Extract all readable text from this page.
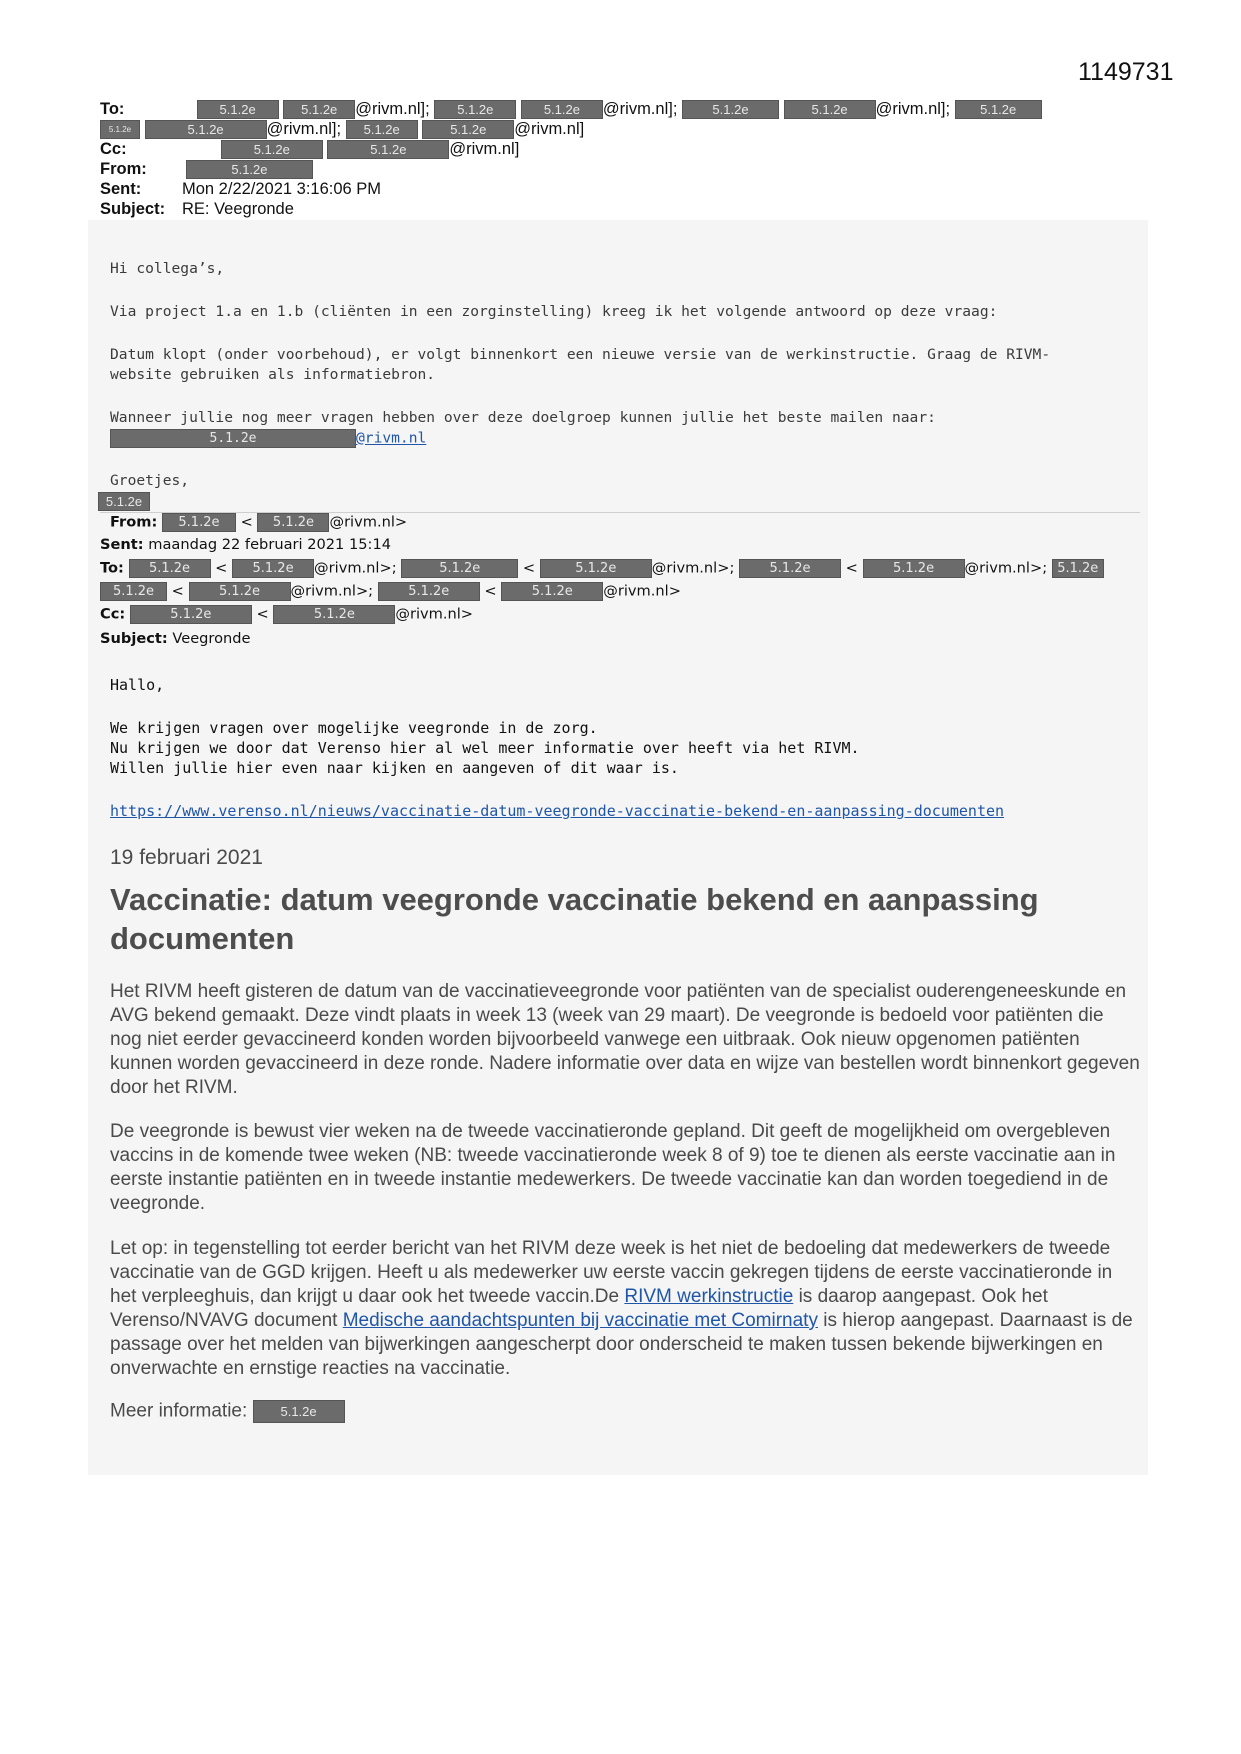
1149731
To:	5.1.2e	5.1.2e @rivm.nl]; 5.1.2e	5.1.2e @rivm.nl];	5.1.2e	5.1.2e @rivm.nl]; 5.1.2e
5.1.2e	5.1.2e	@rivm.nl]; 5.1.2e	5.1.2e @rivm.nl]
Cc:	5.1.2e	5.1.2e	@rivm.nl]
From:	5.1.2e
Sent: Mon 2/22/2021 3:16:06 PM
Subject: RE: Veegronde
Hi collega’s,
Via project 1.a en 1.b (cliënten in een zorginstelling) kreeg ik het volgende antwoord op deze vraag:
Datum klopt (onder voorbehoud), er volgt binnenkort een nieuwe versie van de werkinstructie. Graag de RIVM-
website gebruiken als informatiebron.
Wanneer jullie nog meer vragen hebben over deze doelgroep kunnen jullie het beste mailen naar:
5.1.2e	@rivm.nl
Groetjes,
5.1.2e
From: 5.1.2e < 5.1.2e @rivm.nl>
Sent: maandag 22 februari 2021 15:14
To: 5.1.2e < 5.1.2e @rivm.nl>;	5.1.2e	<	5.1.2e @rivm.nl>;	5.1.2e <	5.1.2e @rivm.nl>; 5.1.2e
5.1.2e <	5.1.2e @rivm.nl>;	5.1.2e <	5.1.2e @rivm.nl>
Cc:	5.1.2e	<	5.1.2e	@rivm.nl>
Subject: Veegronde
Hallo,
We krijgen vragen over mogelijke veegronde in de zorg.
Nu krijgen we door dat Verenso hier al wel meer informatie over heeft via het RIVM.
Willen jullie hier even naar kijken en aangeven of dit waar is.
https://www.verenso.nl/nieuws/vaccinatie-datum-veegronde-vaccinatie-bekend-en-aanpassing-documenten
19 februari 2021
Vaccinatie: datum veegronde vaccinatie bekend en aanpassing
documenten
Het RIVM heeft gisteren de datum van de vaccinatieveegronde voor patiënten van de specialist ouderengeneeskunde en AVG bekend gemaakt. Deze vindt plaats in week 13 (week van 29 maart). De veegronde is bedoeld voor patiënten die nog niet eerder gevaccineerd konden worden bijvoorbeeld vanwege een uitbraak. Ook nieuw opgenomen patiënten kunnen worden gevaccineerd in deze ronde. Nadere informatie over data en wijze van bestellen wordt binnenkort gegeven door het RIVM.
De veegronde is bewust vier weken na de tweede vaccinatieronde gepland. Dit geeft de mogelijkheid om overgebleven vaccins in de komende twee weken (NB: tweede vaccinatieronde week 8 of 9) toe te dienen als eerste vaccinatie aan in eerste instantie patiënten en in tweede instantie medewerkers. De tweede vaccinatie kan dan worden toegediend in de veegronde.
Let op: in tegenstelling tot eerder bericht van het RIVM deze week is het niet de bedoeling dat medewerkers de tweede vaccinatie van de GGD krijgen. Heeft u als medewerker uw eerste vaccin gekregen tijdens de eerste vaccinatieronde in het verpleeghuis, dan krijgt u daar ook het tweede vaccin.De RIVM werkinstructie is daarop aangepast. Ook het Verenso/NVAVG document Medische aandachtspunten bij vaccinatie met Comirnaty is hierop aangepast. Daarnaast is de passage over het melden van bijwerkingen aangescherpt door onderscheid te maken tussen bekende bijwerkingen en onverwachte en ernstige reacties na vaccinatie.
Meer informatie:	5.1.2e
